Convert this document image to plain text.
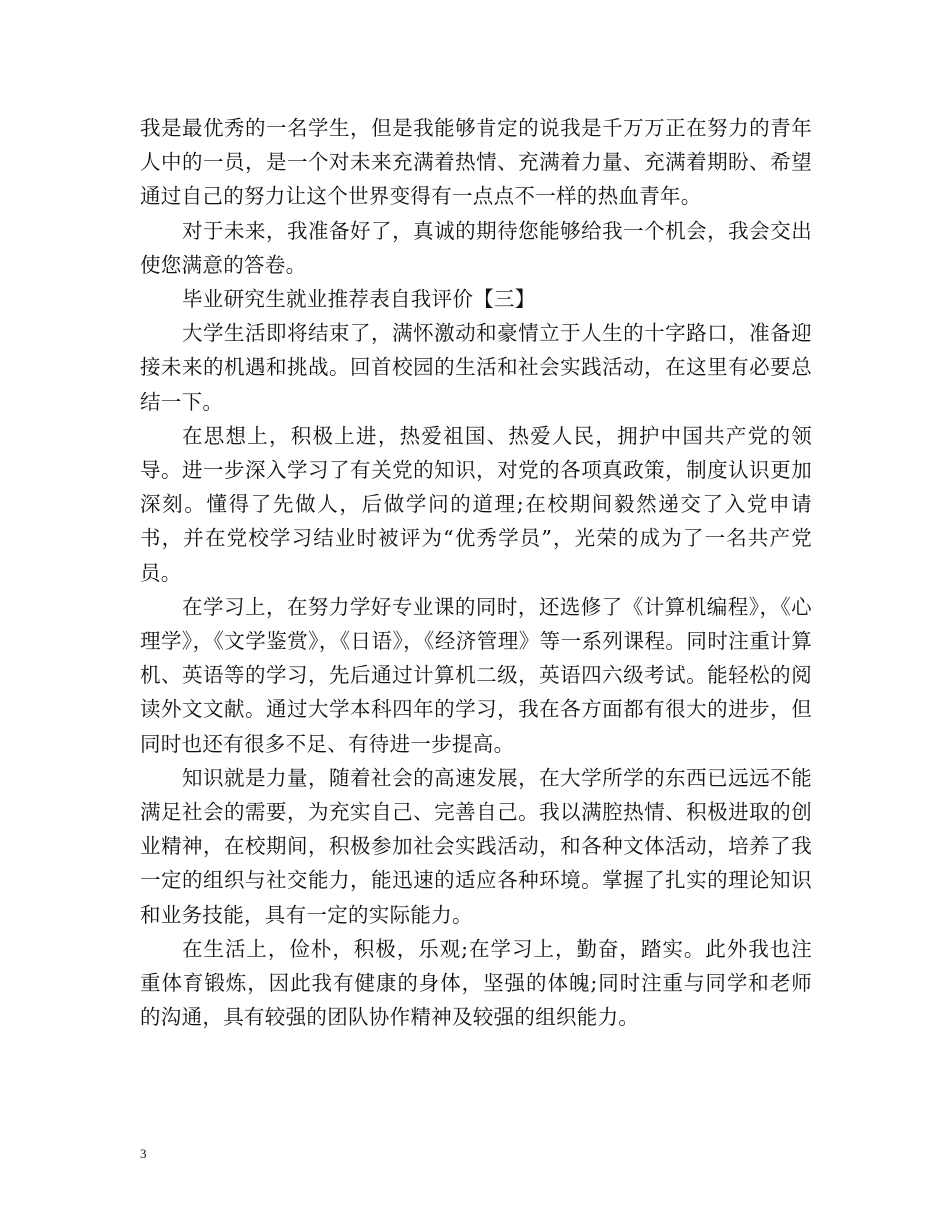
我是最优秀的一名学生，但是我能够肯定的说我是千万万正在努力的青年人中的一员，是一个对未来充满着热情、充满着力量、充满着期盼、希望通过自己的努力让这个世界变得有一点点不一样的热血青年。

对于未来，我准备好了，真诚的期待您能够给我一个机会，我会交出使您满意的答卷。

毕业研究生就业推荐表自我评价【三】

大学生活即将结束了，满怀激动和豪情立于人生的十字路口，准备迎接未来的机遇和挑战。回首校园的生活和社会实践活动，在这里有必要总结一下。

在思想上，积极上进，热爱祖国、热爱人民，拥护中国共产党的领导。进一步深入学习了有关党的知识，对党的各项真政策，制度认识更加深刻。懂得了先做人，后做学问的道理;在校期间毅然递交了入党申请书，并在党校学习结业时被评为“优秀学员”，光荣的成为了一名共产党员。

在学习上，在努力学好专业课的同时，还选修了《计算机编程》，《心理学》，《文学鉴赏》，《日语》，《经济管理》等一系列课程。同时注重计算机、英语等的学习，先后通过计算机二级，英语四六级考试。能轻松的阅读外文文献。通过大学本科四年的学习，我在各方面都有很大的进步，但同时也还有很多不足、有待进一步提高。

知识就是力量，随着社会的高速发展，在大学所学的东西已远远不能满足社会的需要，为充实自己、完善自己。我以满腔热情、积极进取的创业精神，在校期间，积极参加社会实践活动，和各种文体活动，培养了我一定的组织与社交能力，能迅速的适应各种环境。掌握了扎实的理论知识和业务技能，具有一定的实际能力。

在生活上，俭朴，积极，乐观;在学习上，勤奋，踏实。此外我也注重体育锻炼，因此我有健康的身体，坚强的体魄;同时注重与同学和老师的沟通，具有较强的团队协作精神及较强的组织能力。

3
